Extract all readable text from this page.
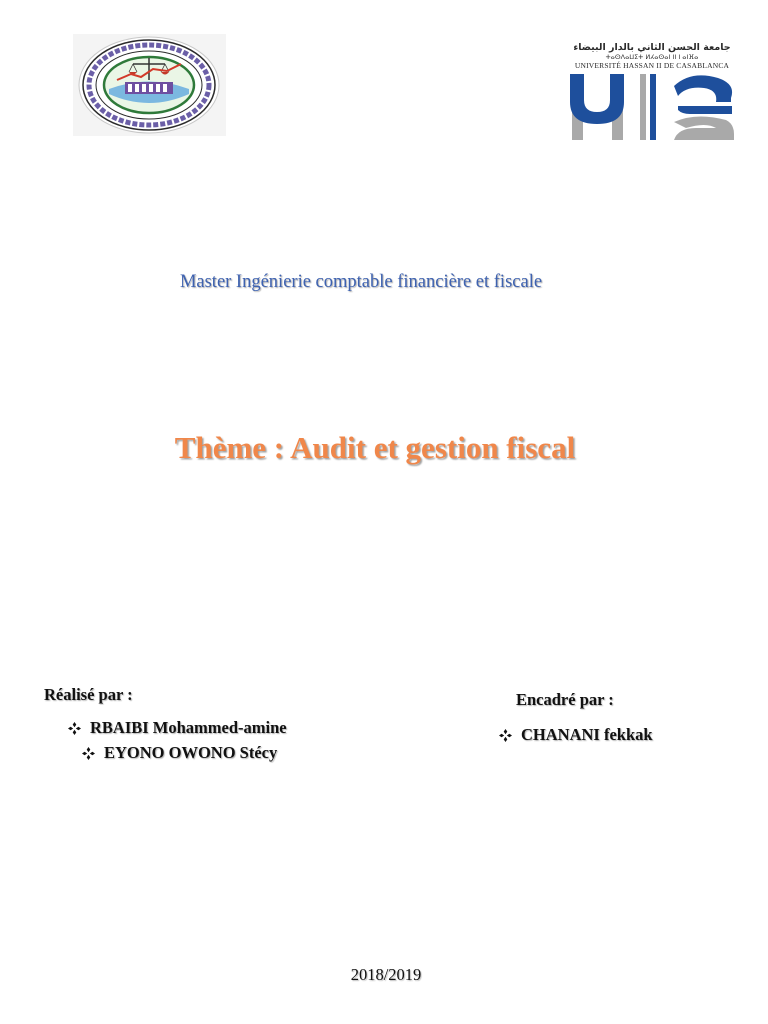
جامعة الحسن الثاني بالدار البيضاء
ⵜⴰⵙⴷⴰⵡⵉⵜ ⵍⵃⴰⵙⴰⵏ II ⵏ ⴰⵏⴼⴰ
UNIVERSITÉ HASSAN II DE CASABLANCA
Master Ingénierie comptable financière et fiscale
Thème : Audit et gestion fiscal
Réalisé par :
RBAIBI Mohammed-amine
EYONO OWONO Stécy
Encadré par :
CHANANI fekkak
2018/2019
